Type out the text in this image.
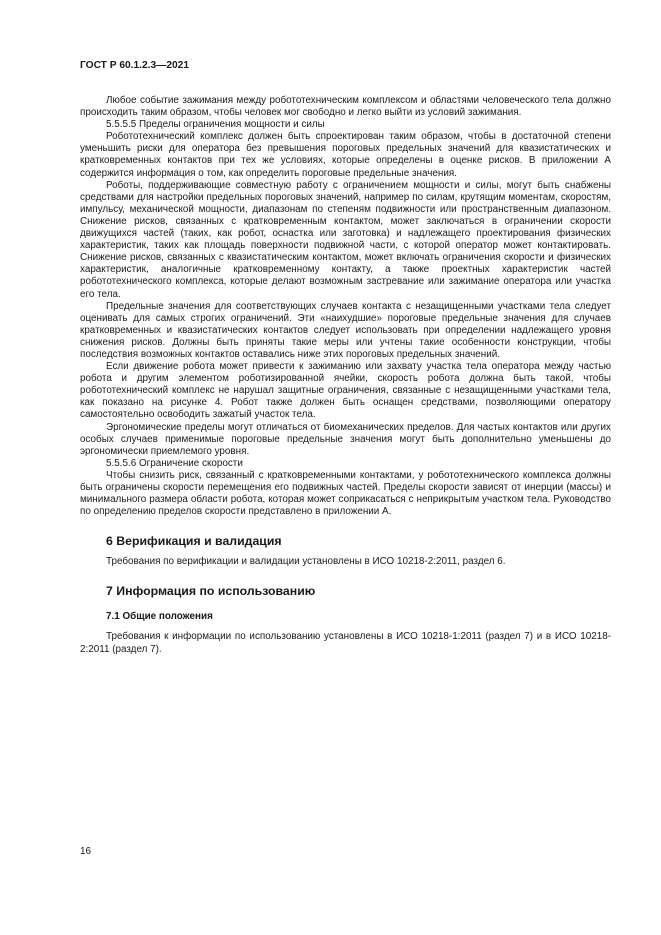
ГОСТ Р 60.1.2.3—2021

Любое событие зажимания между робототехническим комплексом и областями человеческого тела должно происходить таким образом, чтобы человек мог свободно и легко выйти из условий зажимания.

5.5.5.5 Пределы ограничения мощности и силы

Робототехнический комплекс должен быть спроектирован таким образом, чтобы в достаточной степени уменьшить риски для оператора без превышения пороговых предельных значений для квазистатических и кратковременных контактов при тех же условиях, которые определены в оценке рисков. В приложении А содержится информация о том, как определить пороговые предельные значения.

Роботы, поддерживающие совместную работу с ограничением мощности и силы, могут быть снабжены средствами для настройки предельных пороговых значений, например по силам, крутящим моментам, скоростям, импульсу, механической мощности, диапазонам по степеням подвижности или пространственным диапазоном. Снижение рисков, связанных с кратковременным контактом, может заключаться в ограничении скорости движущихся частей (таких, как робот, оснастка или заготовка) и надлежащего проектирования физических характеристик, таких как площадь поверхности подвижной части, с которой оператор может контактировать. Снижение рисков, связанных с квазистатическим контактом, может включать ограничения скорости и физических характеристик, аналогичные кратковременному контакту, а также проектных характеристик частей робототехнического комплекса, которые делают возможным застревание или зажимание оператора или участка его тела.

Предельные значения для соответствующих случаев контакта с незащищенными участками тела следует оценивать для самых строгих ограничений. Эти «наихудшие» пороговые предельные значения для случаев кратковременных и квазистатических контактов следует использовать при определении надлежащего уровня снижения рисков. Должны быть приняты такие меры или учтены такие особенности конструкции, чтобы последствия возможных контактов оставались ниже этих пороговых предельных значений.

Если движение робота может привести к зажиманию или захвату участка тела оператора между частью робота и другим элементом роботизированной ячейки, скорость робота должна быть такой, чтобы робототехнический комплекс не нарушал защитные ограничения, связанные с незащищенными участками тела, как показано на рисунке 4. Робот также должен быть оснащен средствами, позволяющими оператору самостоятельно освободить зажатый участок тела.

Эргономические пределы могут отличаться от биомеханических пределов. Для частых контактов или других особых случаев применимые пороговые предельные значения могут быть дополнительно уменьшены до эргономически приемлемого уровня.

5.5.5.6 Ограничение скорости

Чтобы снизить риск, связанный с кратковременными контактами, у робототехнического комплекса должны быть ограничены скорости перемещения его подвижных частей. Пределы скорости зависят от инерции (массы) и минимального размера области робота, которая может соприкасаться с неприкрытым участком тела. Руководство по определению пределов скорости представлено в приложении А.

6 Верификация и валидация

Требования по верификации и валидации установлены в ИСО 10218-2:2011, раздел 6.

7 Информация по использованию
7.1 Общие положения

Требования к информации по использованию установлены в ИСО 10218-1:2011 (раздел 7) и в ИСО 10218-2:2011 (раздел 7).

16
